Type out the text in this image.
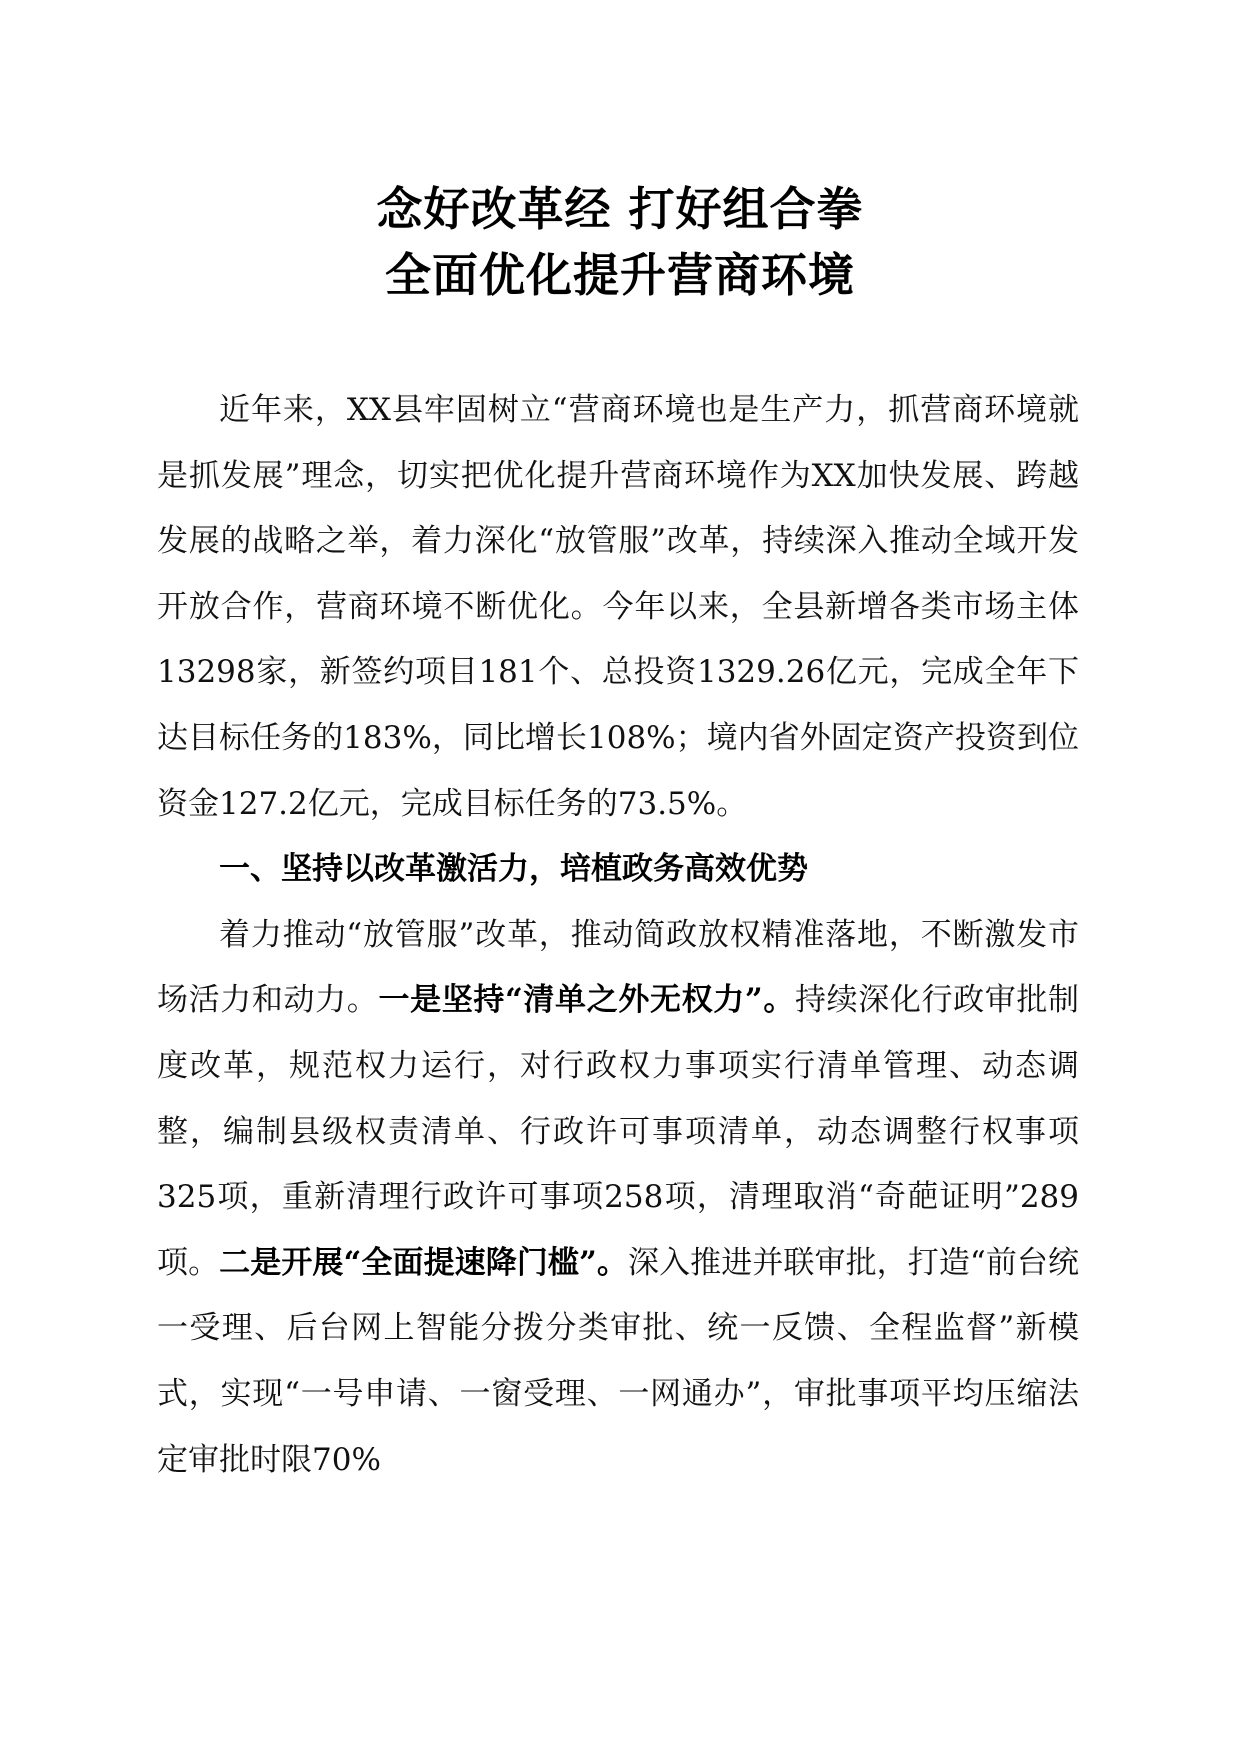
念好改革经 打好组合拳

全面优化提升营商环境

近年来，XX县牢固树立“营商环境也是生产力，抓营商环境就是抓发展”理念，切实把优化提升营商环境作为XX加快发展、跨越发展的战略之举，着力深化“放管服”改革，持续深入推动全域开发开放合作，营商环境不断优化。今年以来，全县新增各类市场主体13298家，新签约项目181个、总投资1329.26亿元，完成全年下达目标任务的183%，同比增长108%；境内省外固定资产投资到位资金127.2亿元，完成目标任务的73.5%。

一、坚持以改革激活力，培植政务高效优势

着力推动“放管服”改革，推动简政放权精准落地，不断激发市场活力和动力。一是坚持“清单之外无权力”。持续深化行政审批制度改革，规范权力运行，对行政权力事项实行清单管理、动态调整，编制县级权责清单、行政许可事项清单，动态调整行权事项325项，重新清理行政许可事项258项，清理取消“奇葩证明”289项。二是开展“全面提速降门槛”。深入推进并联审批，打造“前台统一受理、后台网上智能分拨分类审批、统一反馈、全程监督”新模式，实现“一号申请、一窗受理、一网通办”，审批事项平均压缩法定审批时限70%
